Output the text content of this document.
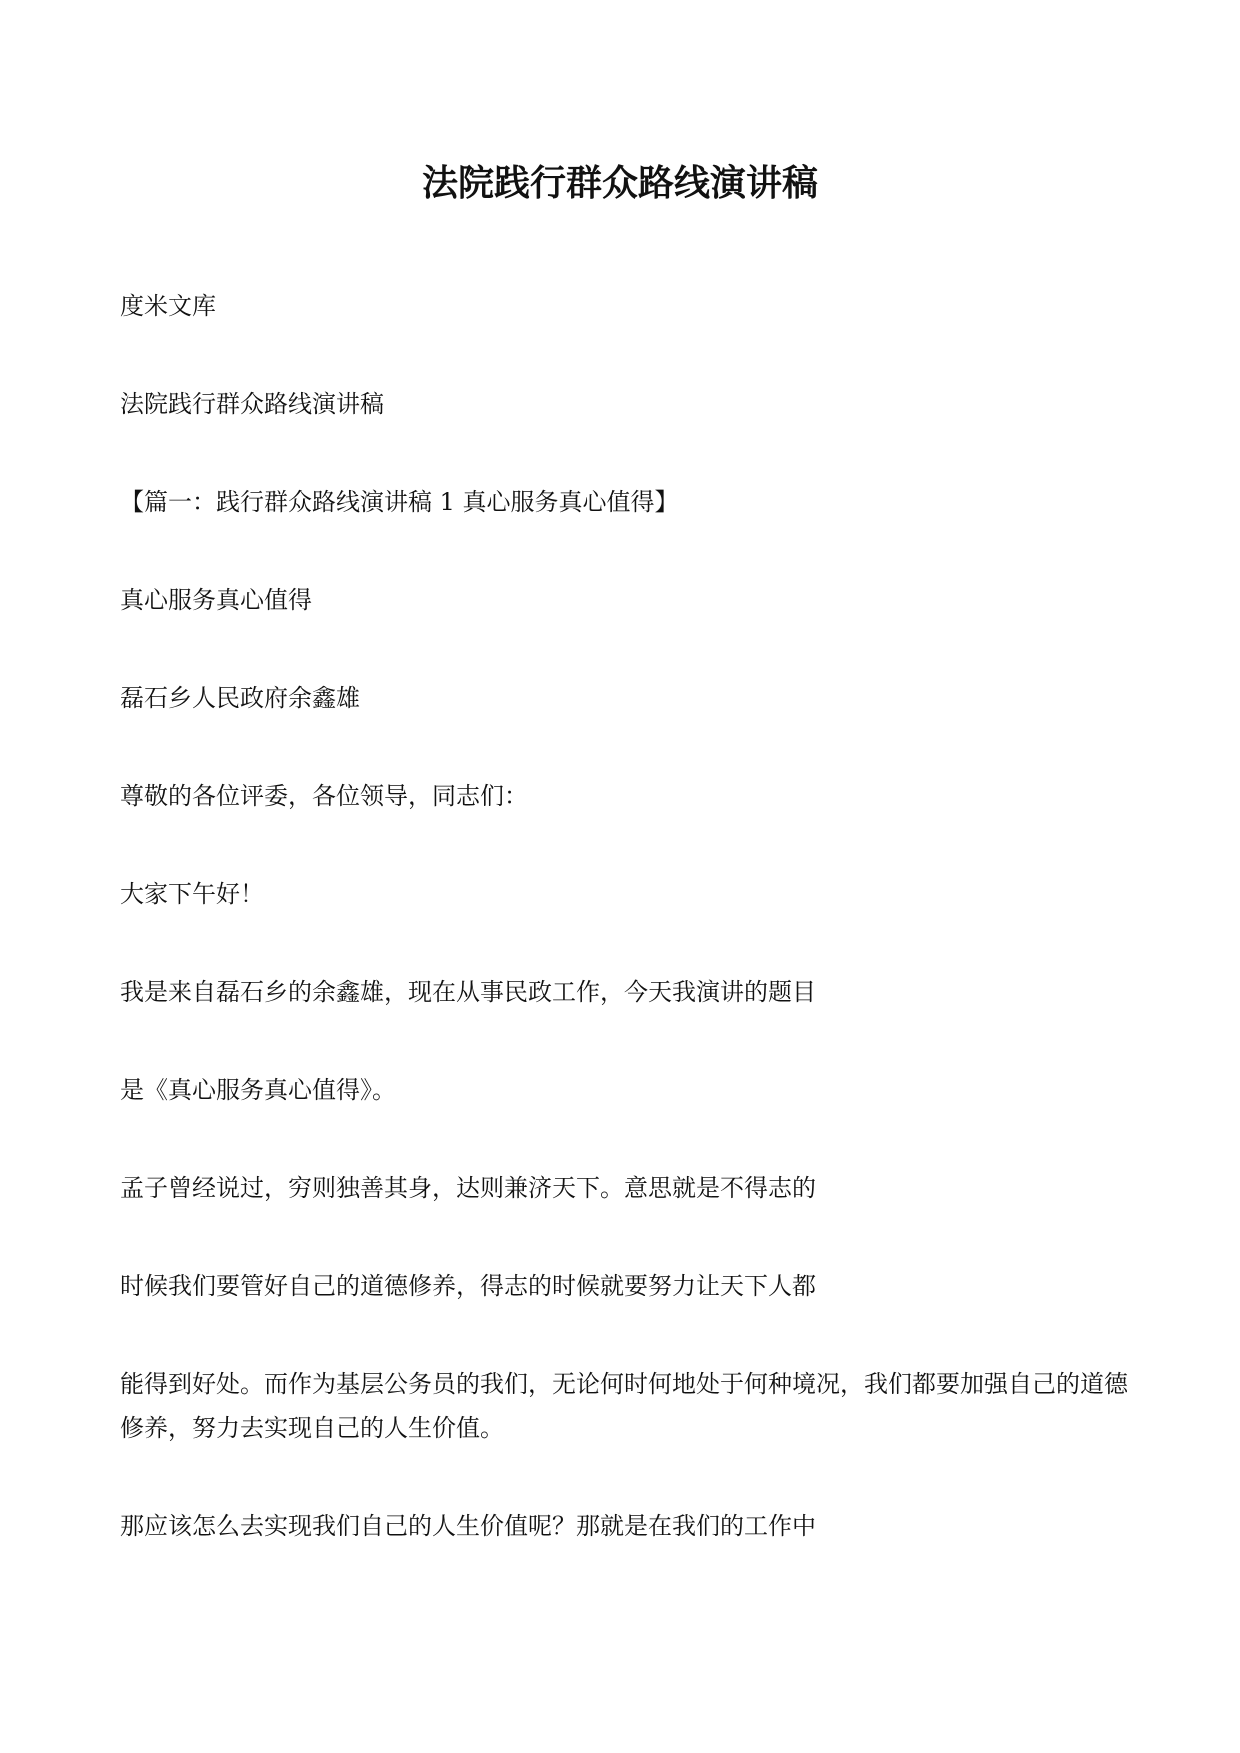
法院践行群众路线演讲稿

度米文库

法院践行群众路线演讲稿

【篇一：践行群众路线演讲稿 1 真心服务真心值得】

真心服务真心值得

磊石乡人民政府余鑫雄

尊敬的各位评委，各位领导，同志们：

大家下午好！

我是来自磊石乡的余鑫雄，现在从事民政工作，今天我演讲的题目

是《真心服务真心值得》。

孟子曾经说过，穷则独善其身，达则兼济天下。意思就是不得志的

时候我们要管好自己的道德修养，得志的时候就要努力让天下人都

能得到好处。而作为基层公务员的我们，无论何时何地处于何种境况，我们都要加强自己的道德修养，努力去实现自己的人生价值。

那应该怎么去实现我们自己的人生价值呢？那就是在我们的工作中
